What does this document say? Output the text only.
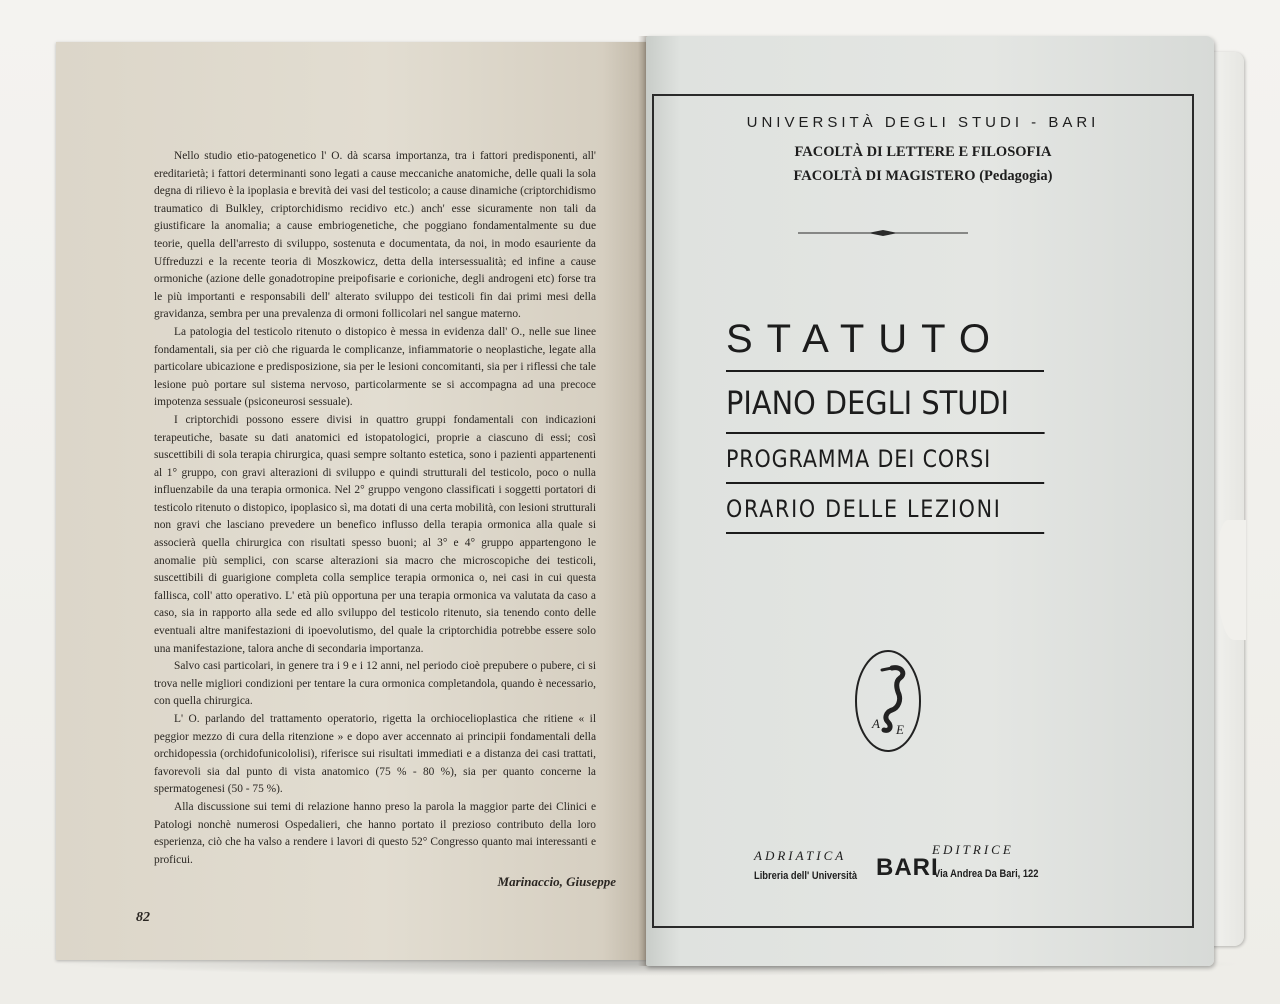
Nello studio etio-patogenetico l' O. dà scarsa importanza, tra i fattori predisponenti, all' ereditarietà; i fattori determinanti sono legati a cause meccaniche anatomiche, delle quali la sola degna di rilievo è la ipoplasia e brevità dei vasi del testicolo; a cause dinamiche (criptorchidismo traumatico di Bulkley, criptorchidismo recidivo etc.) anch' esse sicuramente non tali da giustificare la anomalia; a cause embriogenetiche, che poggiano fondamentalmente su due teorie, quella dell'arresto di sviluppo, sostenuta e documentata, da noi, in modo esauriente da Uffreduzzi e la recente teoria di Moszkowicz, detta della intersessualità; ed infine a cause ormoniche (azione delle gonadotropine preipofisarie e corioniche, degli androgeni etc) forse tra le più importanti e responsabili dell' alterato sviluppo dei testicoli fin dai primi mesi della gravidanza, sembra per una prevalenza di ormoni follicolari nel sangue materno.

La patologia del testicolo ritenuto o distopico è messa in evidenza dall' O., nelle sue linee fondamentali, sia per ciò che riguarda le complicanze, infiammatorie o neoplastiche, legate alla particolare ubicazione e predisposizione, sia per le lesioni concomitanti, sia per i riflessi che tale lesione può portare sul sistema nervoso, particolarmente se si accompagna ad una precoce impotenza sessuale (psiconeurosi sessuale).

I criptorchidi possono essere divisi in quattro gruppi fondamentali con indicazioni terapeutiche, basate su dati anatomici ed istopatologici, proprie a ciascuno di essi; così suscettibili di sola terapia chirurgica, quasi sempre soltanto estetica, sono i pazienti appartenenti al 1° gruppo, con gravi alterazioni di sviluppo e quindi strutturali del testicolo, poco o nulla influenzabile da una terapia ormonica. Nel 2° gruppo vengono classificati i soggetti portatori di testicolo ritenuto o distopico, ipoplasico sì, ma dotati di una certa mobilità, con lesioni strutturali non gravi che lasciano prevedere un benefico influsso della terapia ormonica alla quale si associerà quella chirurgica con risultati spesso buoni; al 3° e 4° gruppo appartengono le anomalie più semplici, con scarse alterazioni sia macro che microscopiche dei testicoli, suscettibili di guarigione completa colla semplice terapia ormonica o, nei casi in cui questa fallisca, coll' atto operativo. L' età più opportuna per una terapia ormonica va valutata da caso a caso, sia in rapporto alla sede ed allo sviluppo del testicolo ritenuto, sia tenendo conto delle eventuali altre manifestazioni di ipoevolutismo, del quale la criptorchidia potrebbe essere solo una manifestazione, talora anche di secondaria importanza.

Salvo casi particolari, in genere tra i 9 e i 12 anni, nel periodo cioè prepubere o pubere, ci si trova nelle migliori condizioni per tentare la cura ormonica completandola, quando è necessario, con quella chirurgica.

L' O. parlando del trattamento operatorio, rigetta la orchiocelioplastica che ritiene « il peggior mezzo di cura della ritenzione » e dopo aver accennato ai principii fondamentali della orchidopessia (orchidofunicololisi), riferisce sui risultati immediati e a distanza dei casi trattati, favorevoli sia dal punto di vista anatomico (75 % - 80 %), sia per quanto concerne la spermatogenesi (50 - 75 %).

Alla discussione sui temi di relazione hanno preso la parola la maggior parte dei Clinici e Patologi nonchè numerosi Ospedalieri, che hanno portato il prezioso contributo della loro esperienza, ciò che ha valso a rendere i lavori di questo 52° Congresso quanto mai interessanti e proficui.

Marinaccio, Giuseppe
82
UNIVERSITÀ DEGLI STUDI - BARI
FACOLTÀ DI LETTERE E FILOSOFIA
FACOLTÀ DI MAGISTERO (Pedagogia)
STATUTO
PIANO DEGLI STUDI
PROGRAMMA DEI CORSI
ORARIO DELLE LEZIONI
A E
ADRIATICA
Libreria dell' Università BARI
EDITRICE
Via Andrea Da Bari, 122
